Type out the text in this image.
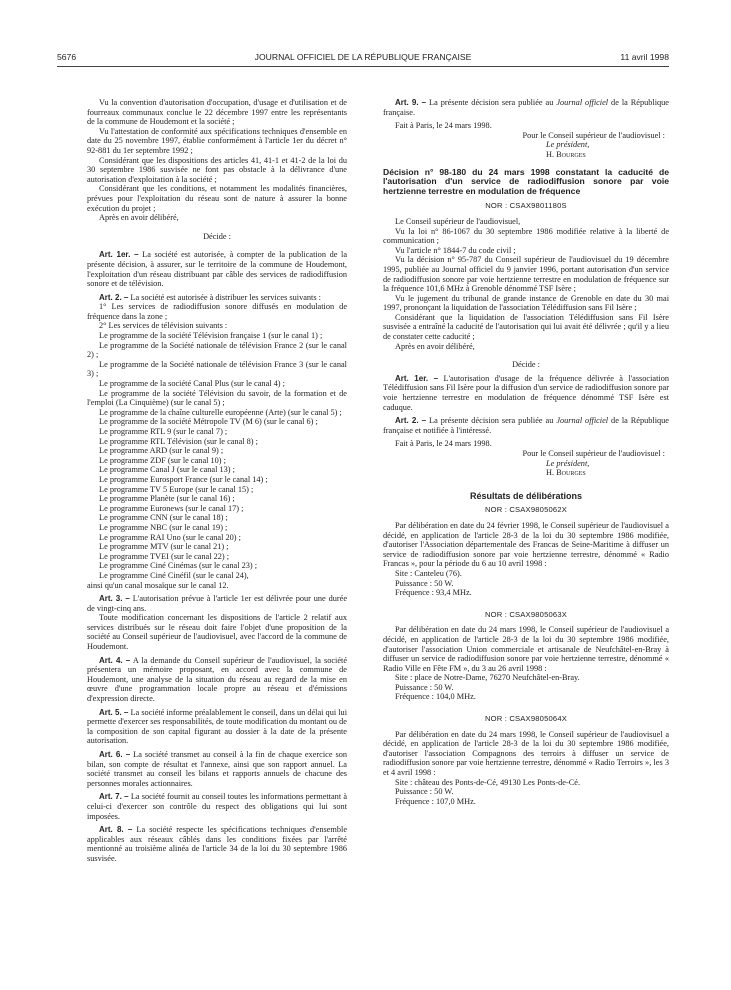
5676	JOURNAL OFFICIEL DE LA RÉPUBLIQUE FRANÇAISE	11 avril 1998

Vu la convention d'autorisation d'occupation, d'usage et d'utilisation et de fourreaux communaux conclue le 22 décembre 1997 entre les représentants de la commune de Houdemont et la société ;

Vu l'attestation de conformité aux spécifications techniques d'ensemble en date du 25 novembre 1997, établie conformément à l'article 1er du décret n° 92-881 du 1er septembre 1992 ;

Considérant que les dispositions des articles 41, 41-1 et 41-2 de la loi du 30 septembre 1986 susvisée ne font pas obstacle à la délivrance d'une autorisation d'exploitation à la société ;

Considérant que les conditions, et notamment les modalités financières, prévues pour l'exploitation du réseau sont de nature à assurer la bonne exécution du projet ;

Après en avoir délibéré,

Décide :

Art. 1er. – La société est autorisée, à compter de la publication de la présente décision, à assurer, sur le territoire de la commune de Houdemont, l'exploitation d'un réseau distribuant par câble des services de radiodiffusion sonore et de télévision.

Art. 2. – La société est autorisée à distribuer les services suivants :

1° Les services de radiodiffusion sonore diffusés en modulation de fréquence dans la zone ;

2° Les services de télévision suivants :

Le programme de la société Télévision française 1 (sur le canal 1) ;

Le programme de la Société nationale de télévision France 2 (sur le canal 2) ;

Le programme de la Société nationale de télévision France 3 (sur le canal 3) ;

Le programme de la société Canal Plus (sur le canal 4) ;

Le programme de la société Télévision du savoir, de la formation et de l'emploi (La Cinquième) (sur le canal 5) ;

Le programme de la chaîne culturelle européenne (Arte) (sur le canal 5) ;

Le programme de la société Métropole TV (M 6) (sur le canal 6) ;

Le programme RTL 9 (sur le canal 7) ;

Le programme RTL Télévision (sur le canal 8) ;

Le programme ARD (sur le canal 9) ;

Le programme ZDF (sur le canal 10) ;

Le programme Canal J (sur le canal 13) ;

Le programme Eurosport France (sur le canal 14) ;

Le programme TV 5 Europe (sur le canal 15) ;

Le programme Planète (sur le canal 16) ;

Le programme Euronews (sur le canal 17) ;

Le programme CNN (sur le canal 18) ;

Le programme NBC (sur le canal 19) ;

Le programme RAI Uno (sur le canal 20) ;

Le programme MTV (sur le canal 21) ;

Le programme TVEI (sur le canal 22) ;

Le programme Ciné Cinémas (sur le canal 23) ;

Le programme Ciné Cinéfil (sur le canal 24),

ainsi qu'un canal mosaïque sur le canal 12.

Art. 3. – L'autorisation prévue à l'article 1er est délivrée pour une durée de vingt-cinq ans.

Toute modification concernant les dispositions de l'article 2 relatif aux services distribués sur le réseau doit faire l'objet d'une proposition de la société au Conseil supérieur de l'audiovisuel, avec l'accord de la commune de Houdemont.

Art. 4. – A la demande du Conseil supérieur de l'audiovisuel, la société présentera un mémoire proposant, en accord avec la commune de Houdemont, une analyse de la situation du réseau au regard de la mise en œuvre d'une programmation locale propre au réseau et d'émissions d'expression directe.

Art. 5. – La société informe préalablement le conseil, dans un délai qui lui permette d'exercer ses responsabilités, de toute modification du montant ou de la composition de son capital figurant au dossier à la date de la présente autorisation.

Art. 6. – La société transmet au conseil à la fin de chaque exercice son bilan, son compte de résultat et l'annexe, ainsi que son rapport annuel. La société transmet au conseil les bilans et rapports annuels de chacune des personnes morales actionnaires.

Art. 7. – La société fournit au conseil toutes les informations permettant à celui-ci d'exercer son contrôle du respect des obligations qui lui sont imposées.

Art. 8. – La société respecte les spécifications techniques d'ensemble applicables aux réseaux câblés dans les conditions fixées par l'arrêté mentionné au troisième alinéa de l'article 34 de la loi du 30 septembre 1986 susvisée.

Art. 9. – La présente décision sera publiée au Journal officiel de la République française.

Fait à Paris, le 24 mars 1998.

Pour le Conseil supérieur de l'audiovisuel :

Le président,

H. Bourges

Décision n° 98-180 du 24 mars 1998 constatant la caducité de l'autorisation d'un service de radiodiffusion sonore par voie hertzienne terrestre en modulation de fréquence

NOR : CSAX9801180S

Le Conseil supérieur de l'audiovisuel,

Vu la loi n° 86-1067 du 30 septembre 1986 modifiée relative à la liberté de communication ;

Vu l'article n° 1844-7 du code civil ;

Vu la décision n° 95-787 du Conseil supérieur de l'audiovisuel du 19 décembre 1995, publiée au Journal officiel du 9 janvier 1996, portant autorisation d'un service de radiodiffusion sonore par voie hertzienne terrestre en modulation de fréquence sur la fréquence 101,6 MHz à Grenoble dénommé TSF Isère ;

Vu le jugement du tribunal de grande instance de Grenoble en date du 30 mai 1997, prononçant la liquidation de l'association Télédiffusion sans Fil Isère ;

Considérant que la liquidation de l'association Télédiffusion sans Fil Isère susvisée a entraîné la caducité de l'autorisation qui lui avait été délivrée ; qu'il y a lieu de constater cette caducité ;

Après en avoir délibéré,

Décide :

Art. 1er. – L'autorisation d'usage de la fréquence délivrée à l'association Télédiffusion sans Fil Isère pour la diffusion d'un service de radiodiffusion sonore par voie hertzienne terrestre en modulation de fréquence dénommé TSF Isère est caduque.

Art. 2. – La présente décision sera publiée au Journal officiel de la République française et notifiée à l'intéressé.

Fait à Paris, le 24 mars 1998.

Pour le Conseil supérieur de l'audiovisuel :

Le président,

H. Bourges

Résultats de délibérations

NOR : CSAX9805062X

Par délibération en date du 24 février 1998, le Conseil supérieur de l'audiovisuel a décidé, en application de l'article 28-3 de la loi du 30 septembre 1986 modifiée, d'autoriser l'Association départementale des Francas de Seine-Maritime à diffuser un service de radiodiffusion sonore par voie hertzienne terrestre, dénommé « Radio Francas », pour la période du 6 au 10 avril 1998 :

Site : Canteleu (76).

Puissance : 50 W.

Fréquence : 93,4 MHz.

NOR : CSAX9805063X

Par délibération en date du 24 mars 1998, le Conseil supérieur de l'audiovisuel a décidé, en application de l'article 28-3 de la loi du 30 septembre 1986 modifiée, d'autoriser l'association Union commerciale et artisanale de Neufchâtel-en-Bray à diffuser un service de radiodiffusion sonore par voie hertzienne terrestre, dénommé « Radio Ville en Fête FM », du 3 au 26 avril 1998 :

Site : place de Notre-Dame, 76270 Neufchâtel-en-Bray.

Puissance : 50 W.

Fréquence : 104,0 MHz.

NOR : CSAX9805064X

Par délibération en date du 24 mars 1998, le Conseil supérieur de l'audiovisuel a décidé, en application de l'article 28-3 de la loi du 30 septembre 1986 modifiée, d'autoriser l'association Compagnons des terroirs à diffuser un service de radiodiffusion sonore par voie hertzienne terrestre, dénommé « Radio Terroirs », les 3 et 4 avril 1998 :

Site : château des Ponts-de-Cé, 49130 Les Ponts-de-Cé.

Puissance : 50 W.

Fréquence : 107,0 MHz.
